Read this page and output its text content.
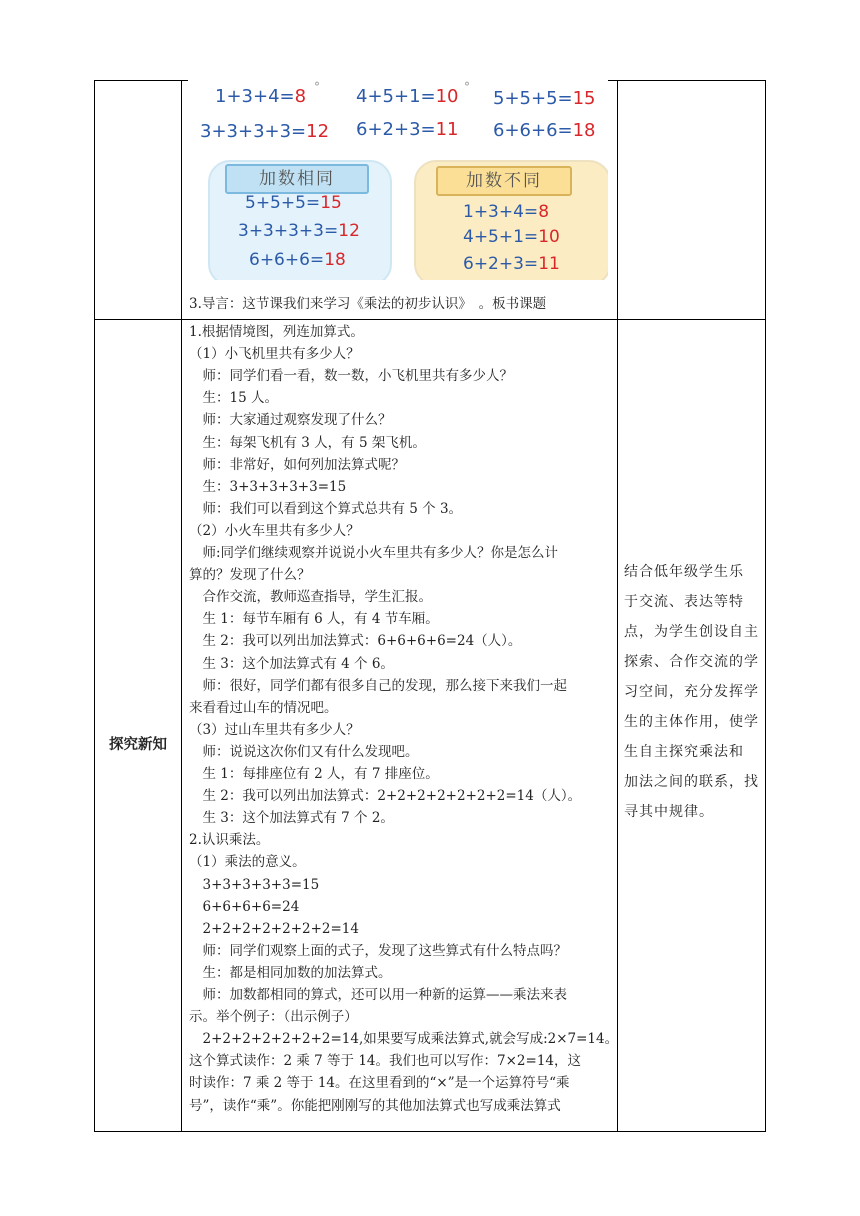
°	°
1+3+4=8	4+5+1=10 5+5+5=15
3+3+3+3=12 6+2+3=11 6+6+6=18
加数相同
5+5+5=15
3+3+3+3=12
6+6+6=18
加数不同
1+3+4=8
4+5+1=10
6+2+3=11
3.导言：这节课我们来学习《乘法的初步认识》　。板书课题
探究新知
1.根据情境图，列连加算式。
（1）小飞机里共有多少人？
　师：同学们看一看，数一数，小飞机里共有多少人？
　生：15 人。
　师：大家通过观察发现了什么？
　生：每架飞机有 3 人，有 5 架飞机。
　师：非常好，如何列加法算式呢？
　生：3+3+3+3+3=15
　师：我们可以看到这个算式总共有 5 个 3。
（2）小火车里共有多少人？
　师:同学们继续观察并说说小火车里共有多少人？你是怎么计
算的？发现了什么？
　合作交流，教师巡查指导，学生汇报。
　生 1：每节车厢有 6 人，有 4 节车厢。
　生 2：我可以列出加法算式：6+6+6+6=24（人）。
　生 3：这个加法算式有 4 个 6。
　师：很好，同学们都有很多自己的发现，那么接下来我们一起
来看看过山车的情况吧。
（3）过山车里共有多少人？
　师：说说这次你们又有什么发现吧。
　生 1：每排座位有 2 人，有 7 排座位。
　生 2：我可以列出加法算式：2+2+2+2+2+2+2=14（人）。
　生 3：这个加法算式有 7 个 2。
2.认识乘法。
（1）乘法的意义。
　3+3+3+3+3=15
　6+6+6+6=24
　2+2+2+2+2+2+2=14
　师：同学们观察上面的式子，发现了这些算式有什么特点吗？
　生：都是相同加数的加法算式。
　师：加数都相同的算式，还可以用一种新的运算——乘法来表
示。举个例子：（出示例子）
　2+2+2+2+2+2+2=14,如果要写成乘法算式,就会写成:2×7=14。
这个算式读作：2 乘 7 等于 14。我们也可以写作：7×2=14，这
时读作：7 乘 2 等于 14。在这里看到的“×”是一个运算符号“乘
号”，读作“乘”。你能把刚刚写的其他加法算式也写成乘法算式
结合低年级学生乐
于交流、表达等特
点，为学生创设自主
探索、合作交流的学
习空间，充分发挥学
生的主体作用，使学
生自主探究乘法和
加法之间的联系，找
寻其中规律。
